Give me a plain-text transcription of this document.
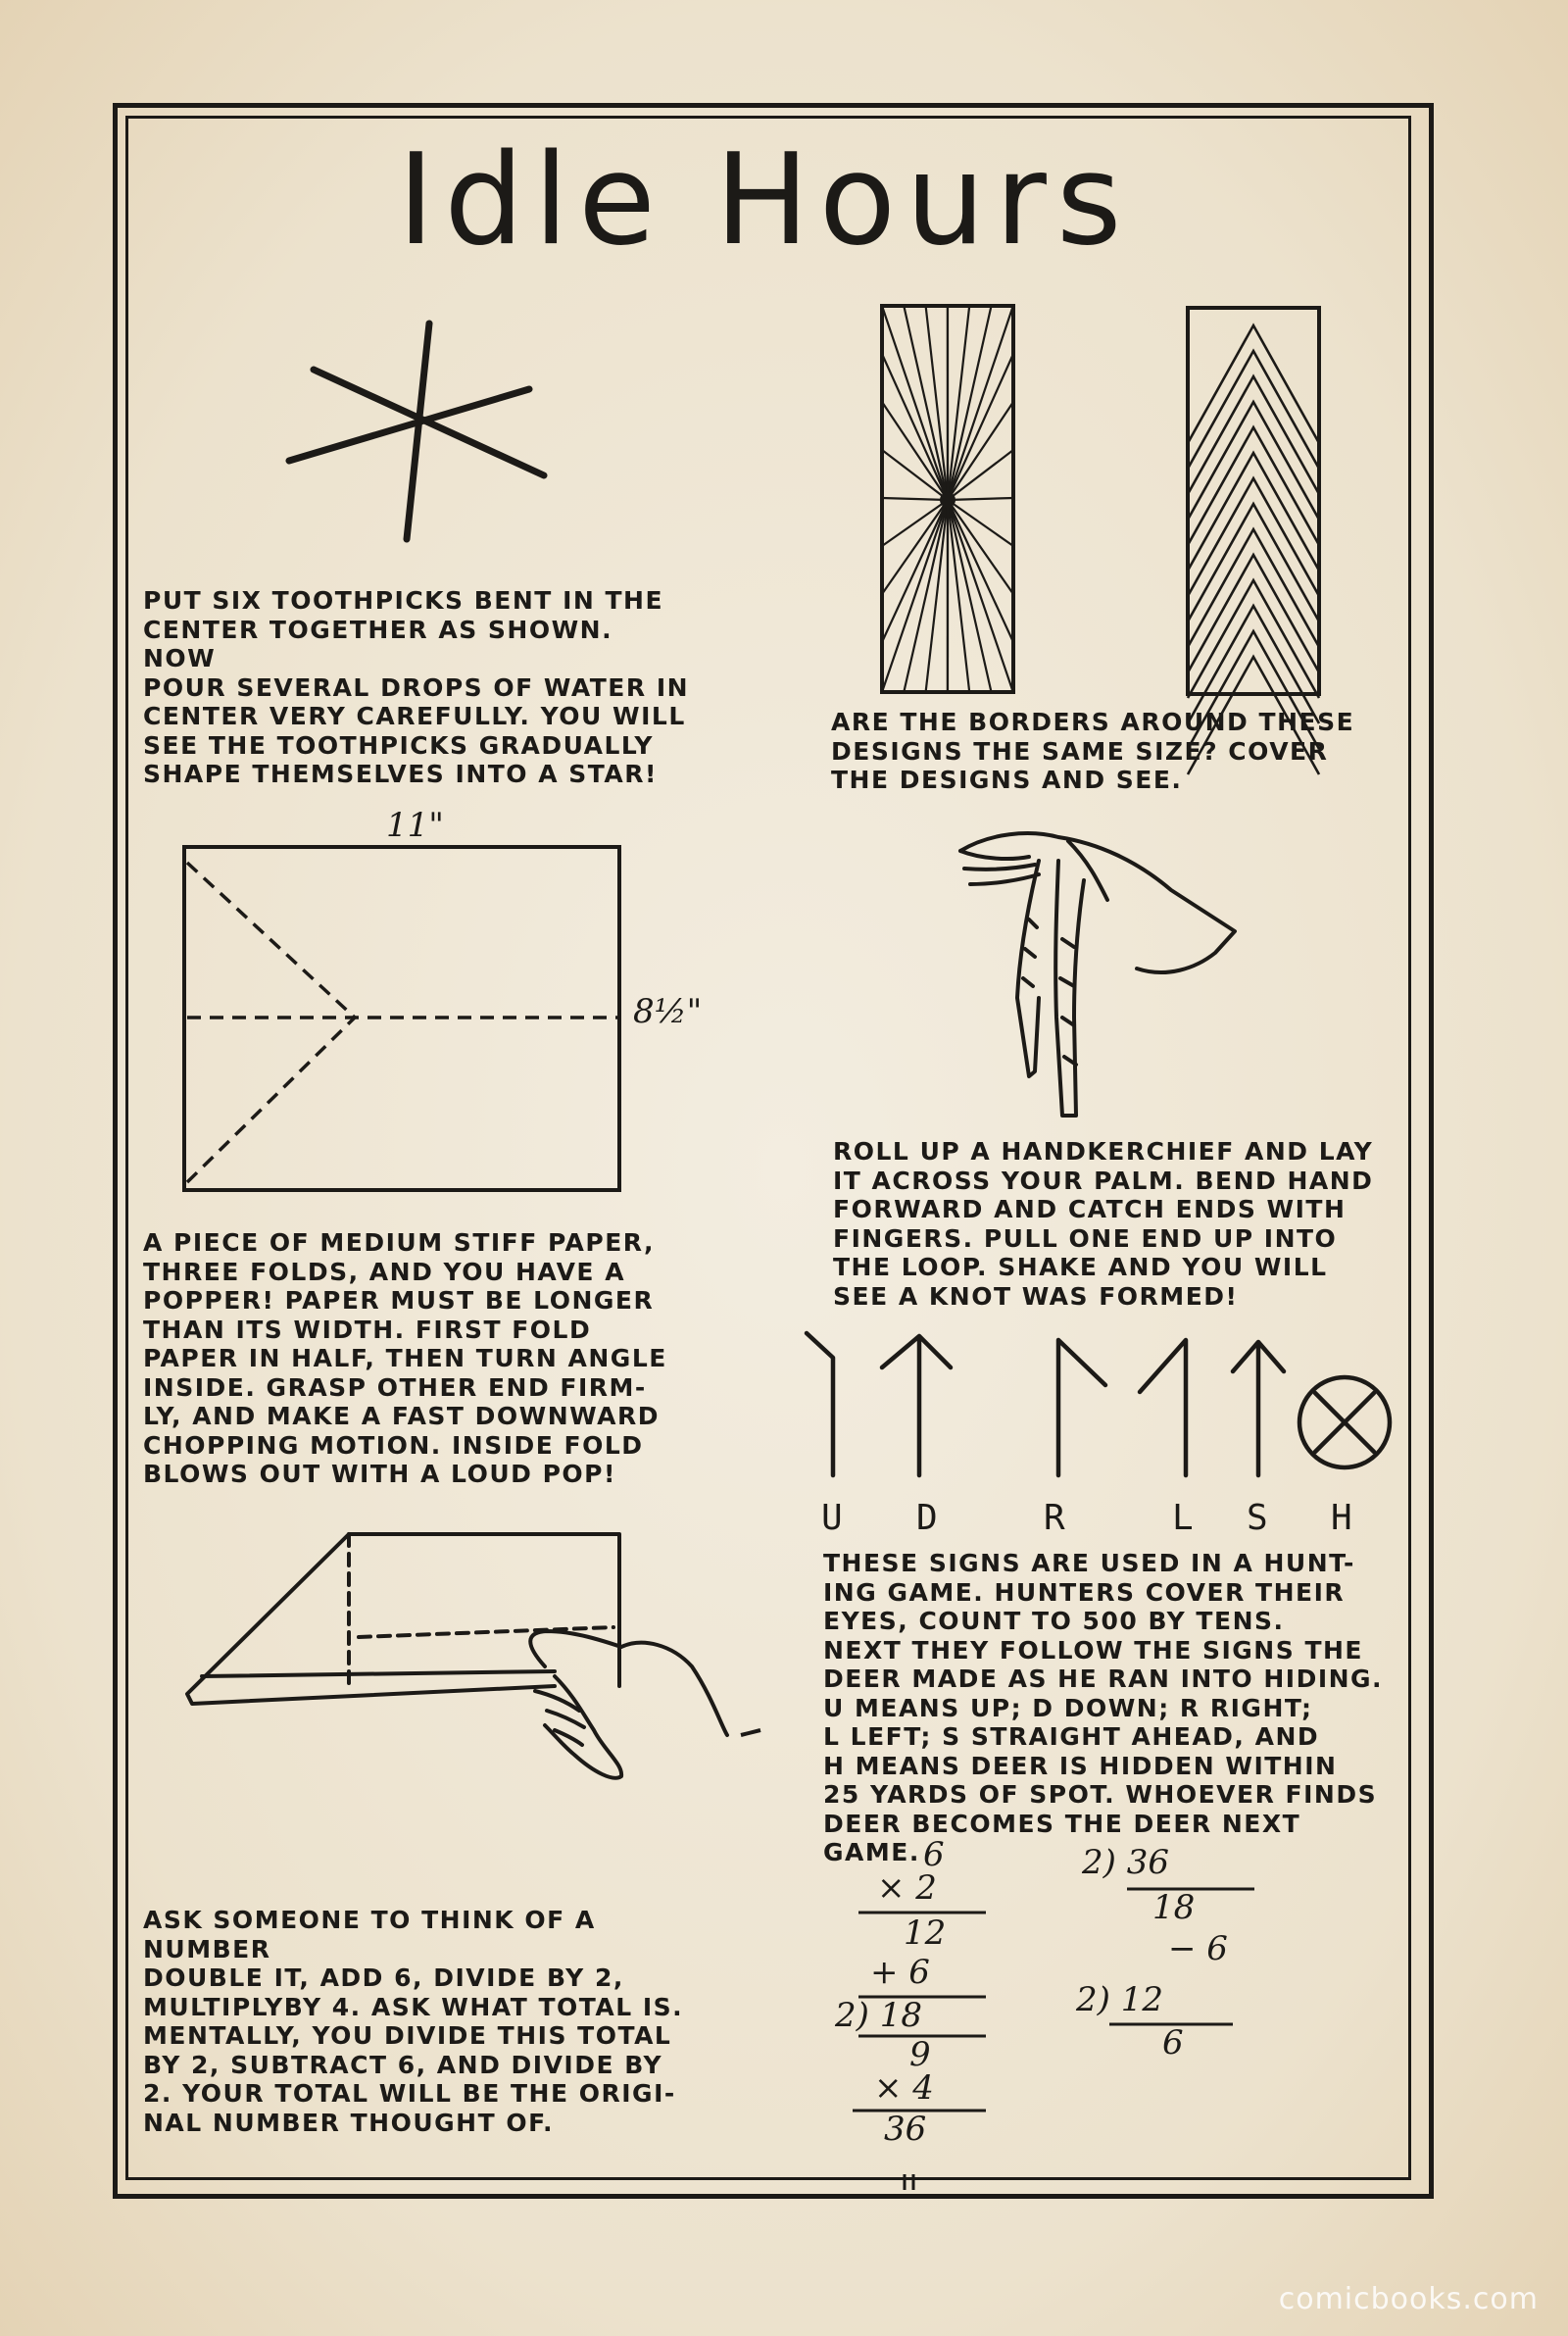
Idle Hours
PUT SIX TOOTHPICKS BENT IN THE
CENTER TOGETHER AS SHOWN. NOW
POUR SEVERAL DROPS OF WATER IN
CENTER VERY CAREFULLY. YOU WILL
SEE THE TOOTHPICKS GRADUALLY
SHAPE THEMSELVES INTO A STAR!
ARE THE BORDERS AROUND THESE
DESIGNS THE SAME SIZE? COVER
THE DESIGNS AND SEE.
11"
8½"
A PIECE OF MEDIUM STIFF PAPER,
THREE FOLDS, AND YOU HAVE A
POPPER! PAPER MUST BE LONGER
THAN ITS WIDTH. FIRST FOLD
PAPER IN HALF, THEN TURN ANGLE
INSIDE. GRASP OTHER END FIRM-
LY, AND MAKE A FAST DOWNWARD
CHOPPING MOTION. INSIDE FOLD
BLOWS OUT WITH A LOUD POP!
ROLL UP A HANDKERCHIEF AND LAY
IT ACROSS YOUR PALM. BEND HAND
FORWARD AND CATCH ENDS WITH
FINGERS. PULL ONE END UP INTO
THE LOOP. SHAKE AND YOU WILL
SEE A KNOT WAS FORMED!
U D	R	L S H
THESE SIGNS ARE USED IN A HUNT-
ING GAME. HUNTERS COVER THEIR
EYES, COUNT TO 500 BY TENS.
NEXT THEY FOLLOW THE SIGNS THE
DEER MADE AS HE RAN INTO HIDING.
U MEANS UP; D DOWN; R RIGHT;
L LEFT; S STRAIGHT AHEAD, AND
H MEANS DEER IS HIDDEN WITHIN
25 YARDS OF SPOT. WHOEVER FINDS
DEER BECOMES THE DEER NEXT GAME.
ASK SOMEONE TO THINK OF A NUMBER
DOUBLE IT, ADD 6, DIVIDE BY 2,
MULTIPLYBY 4. ASK WHAT TOTAL IS.
MENTALLY, YOU DIVIDE THIS TOTAL
BY 2, SUBTRACT 6, AND DIVIDE BY
2. YOUR TOTAL WILL BE THE ORIGI-
NAL NUMBER THOUGHT OF.
6
× 2
12
+ 6
2) 18
9
× 4
36
2) 36
18
− 6
2) 12
6
comicbooks.com
